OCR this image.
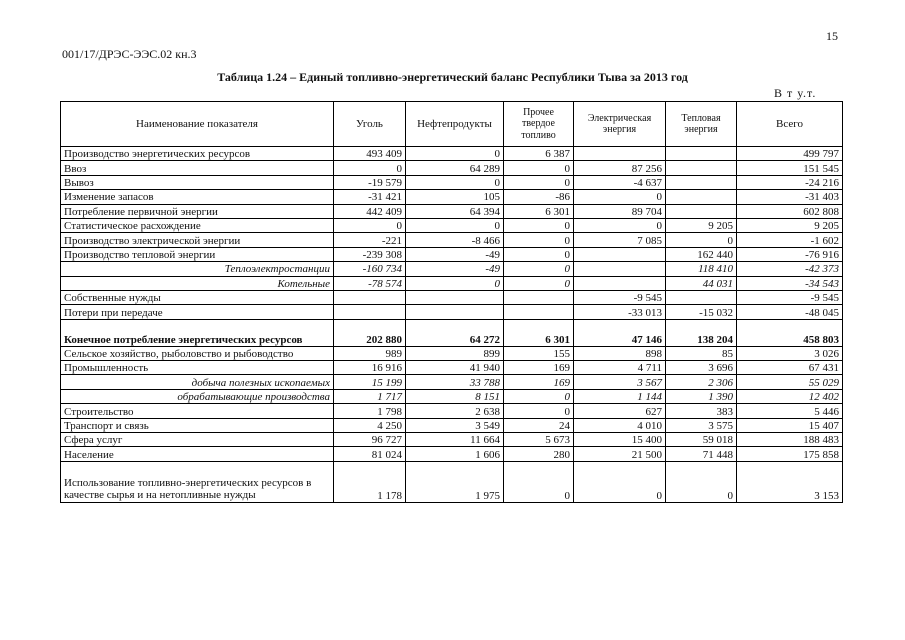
15
001/17/ДРЭС-ЭЭС.02 кн.3
Таблица 1.24 – Единый топливно-энергетический баланс Республики Тыва за 2013 год
В т у.т.
Наименование показателя	Уголь	Нефтепродукты	Прочее твердое топливо	Электрическая энергия	Тепловая энергия	Всего
Производство энергетических ресурсов	493 409	0	6 387			499 797
Ввоз	0	64 289	0	87 256		151 545
Вывоз	-19 579	0	0	-4 637		-24 216
Изменение запасов	-31 421	105	-86	0		-31 403
Потребление первичной энергии	442 409	64 394	6 301	89 704		602 808
Статистическое расхождение	0	0	0	0	9 205	9 205
Производство электрической энергии	-221	-8 466	0	7 085	0	-1 602
Производство тепловой энергии	-239 308	-49	0		162 440	-76 916
Теплоэлектростанции	-160 734	-49	0		118 410	-42 373
Котельные	-78 574	0	0		44 031	-34 543
Собственные нужды				-9 545		-9 545
Потери при передаче				-33 013	-15 032	-48 045
Конечное потребление энергетических ресурсов	202 880	64 272	6 301	47 146	138 204	458 803
Сельское хозяйство, рыболовство и рыбоводство	989	899	155	898	85	3 026
Промышленность	16 916	41 940	169	4 711	3 696	67 431
добыча полезных ископаемых	15 199	33 788	169	3 567	2 306	55 029
обрабатывающие производства	1 717	8 151	0	1 144	1 390	12 402
Строительство	1 798	2 638	0	627	383	5 446
Транспорт и связь	4 250	3 549	24	4 010	3 575	15 407
Сфера услуг	96 727	11 664	5 673	15 400	59 018	188 483
Население	81 024	1 606	280	21 500	71 448	175 858
Использование топливно-энергетических ресурсов в качестве сырья и на нетопливные нужды	1 178	1 975	0	0	0	3 153
